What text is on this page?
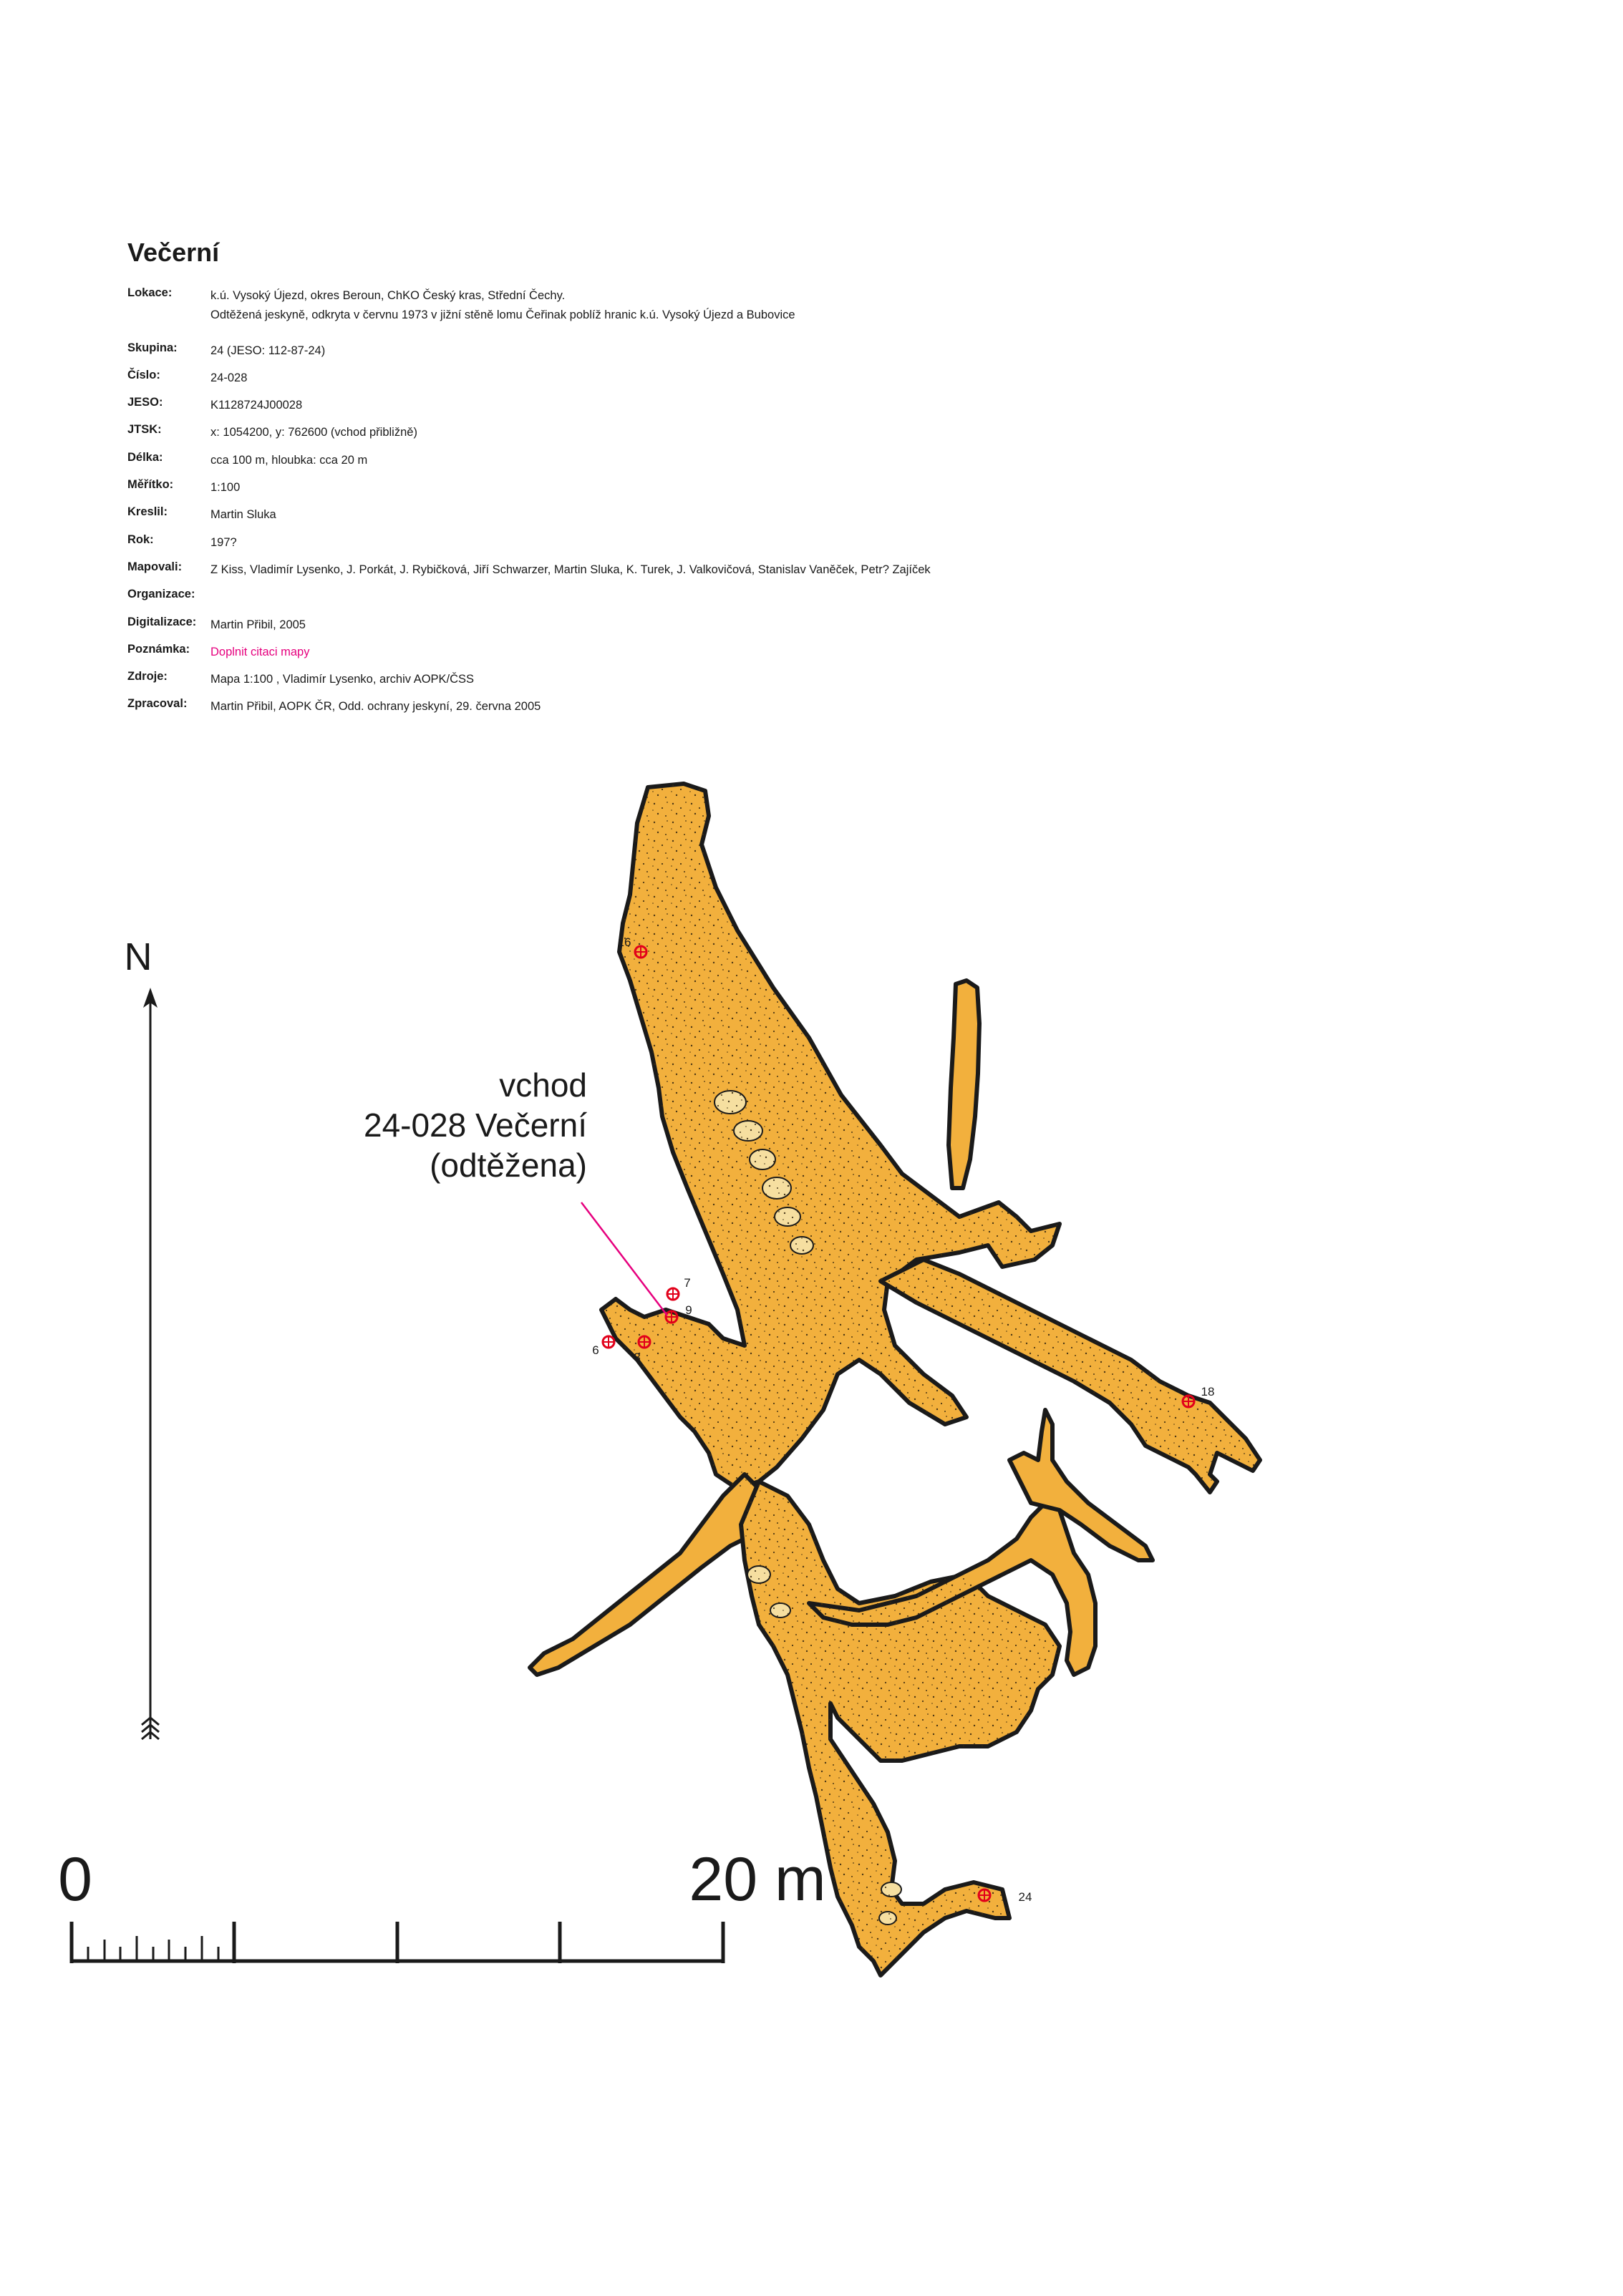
Večerní
Lokace:	k.ú. Vysoký Újezd, okres Beroun, ChKO Český kras, Střední Čechy.
Odtěžená jeskyně, odkryta v červnu 1973 v jižní stěně lomu Čeřinak poblíž hranic k.ú. Vysoký Újezd a Bubovice
Skupina:	24 (JESO: 112-87-24)
Číslo:	24-028
JESO:	K1128724J00028
JTSK:	x: 1054200, y: 762600 (vchod přibližně)
Délka:	cca 100 m, hloubka: cca 20 m
Měřítko:	1:100
Kreslil:	Martin Sluka
Rok:	197?
Mapovali: Z Kiss, Vladimír Lysenko, J. Porkát, J. Rybičková, Jiří Schwarzer, Martin Sluka, K. Turek, J. Valkovičová, Stanislav Vaněček, Petr? Zajíček
Organizace:
Digitalizace: Martin Přibil, 2005
Poznámka: Doplnit citaci mapy
Zdroje:	Mapa 1:100 , Vladimír Lysenko, archiv AOPK/ČSS
Zpracoval: Martin Přibil, AOPK ČR, Odd. ochrany jeskyní, 29. června 2005
N	16
7
9
6
8
18
24
vchod
24-028 Večerní
(odtěžena)
0	20 m
